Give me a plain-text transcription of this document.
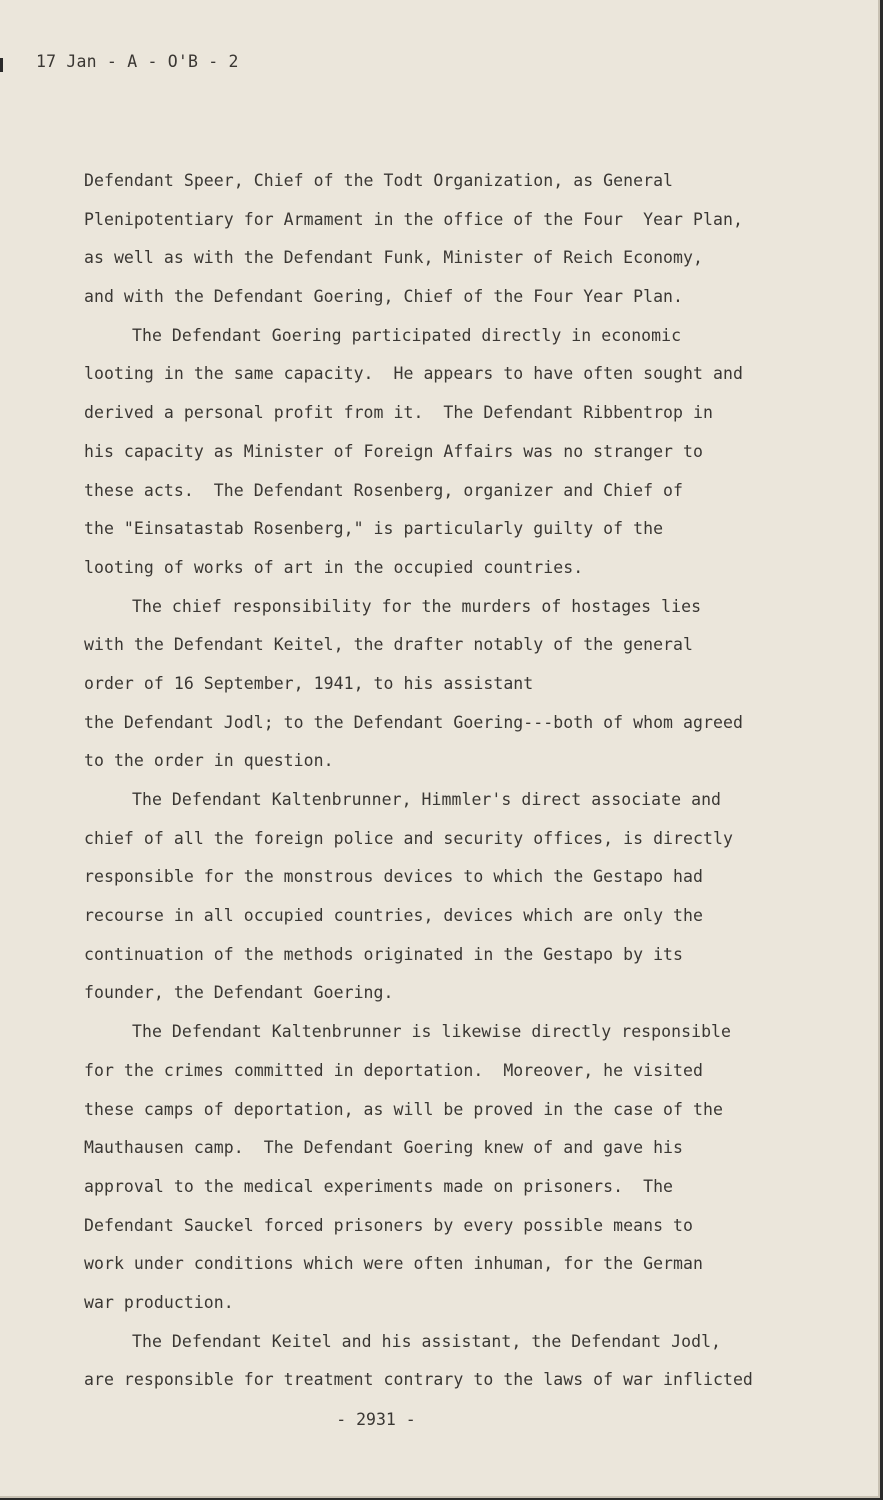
17 Jan - A - O'B - 2
Defendant Speer, Chief of the Todt Organization, as General
Plenipotentiary for Armament in the office of the Four  Year Plan,
as well as with the Defendant Funk, Minister of Reich Economy,
and with the Defendant Goering, Chief of the Four Year Plan.
The Defendant Goering participated directly in economic
looting in the same capacity.  He appears to have often sought and
derived a personal profit from it.  The Defendant Ribbentrop in
his capacity as Minister of Foreign Affairs was no stranger to
these acts.  The Defendant Rosenberg, organizer and Chief of
the "Einsatastab Rosenberg," is particularly guilty of the
looting of works of art in the occupied countries.
The chief responsibility for the murders of hostages lies
with the Defendant Keitel, the drafter notably of the general
order of 16 September, 1941, to his assistant
the Defendant Jodl; to the Defendant Goering---both of whom agreed
to the order in question.
The Defendant Kaltenbrunner, Himmler's direct associate and
chief of all the foreign police and security offices, is directly
responsible for the monstrous devices to which the Gestapo had
recourse in all occupied countries, devices which are only the
continuation of the methods originated in the Gestapo by its
founder, the Defendant Goering.
The Defendant Kaltenbrunner is likewise directly responsible
for the crimes committed in deportation.  Moreover, he visited
these camps of deportation, as will be proved in the case of the
Mauthausen camp.  The Defendant Goering knew of and gave his
approval to the medical experiments made on prisoners.  The
Defendant Sauckel forced prisoners by every possible means to
work under conditions which were often inhuman, for the German
war production.
The Defendant Keitel and his assistant, the Defendant Jodl,
are responsible for treatment contrary to the laws of war inflicted
- 2931 -
